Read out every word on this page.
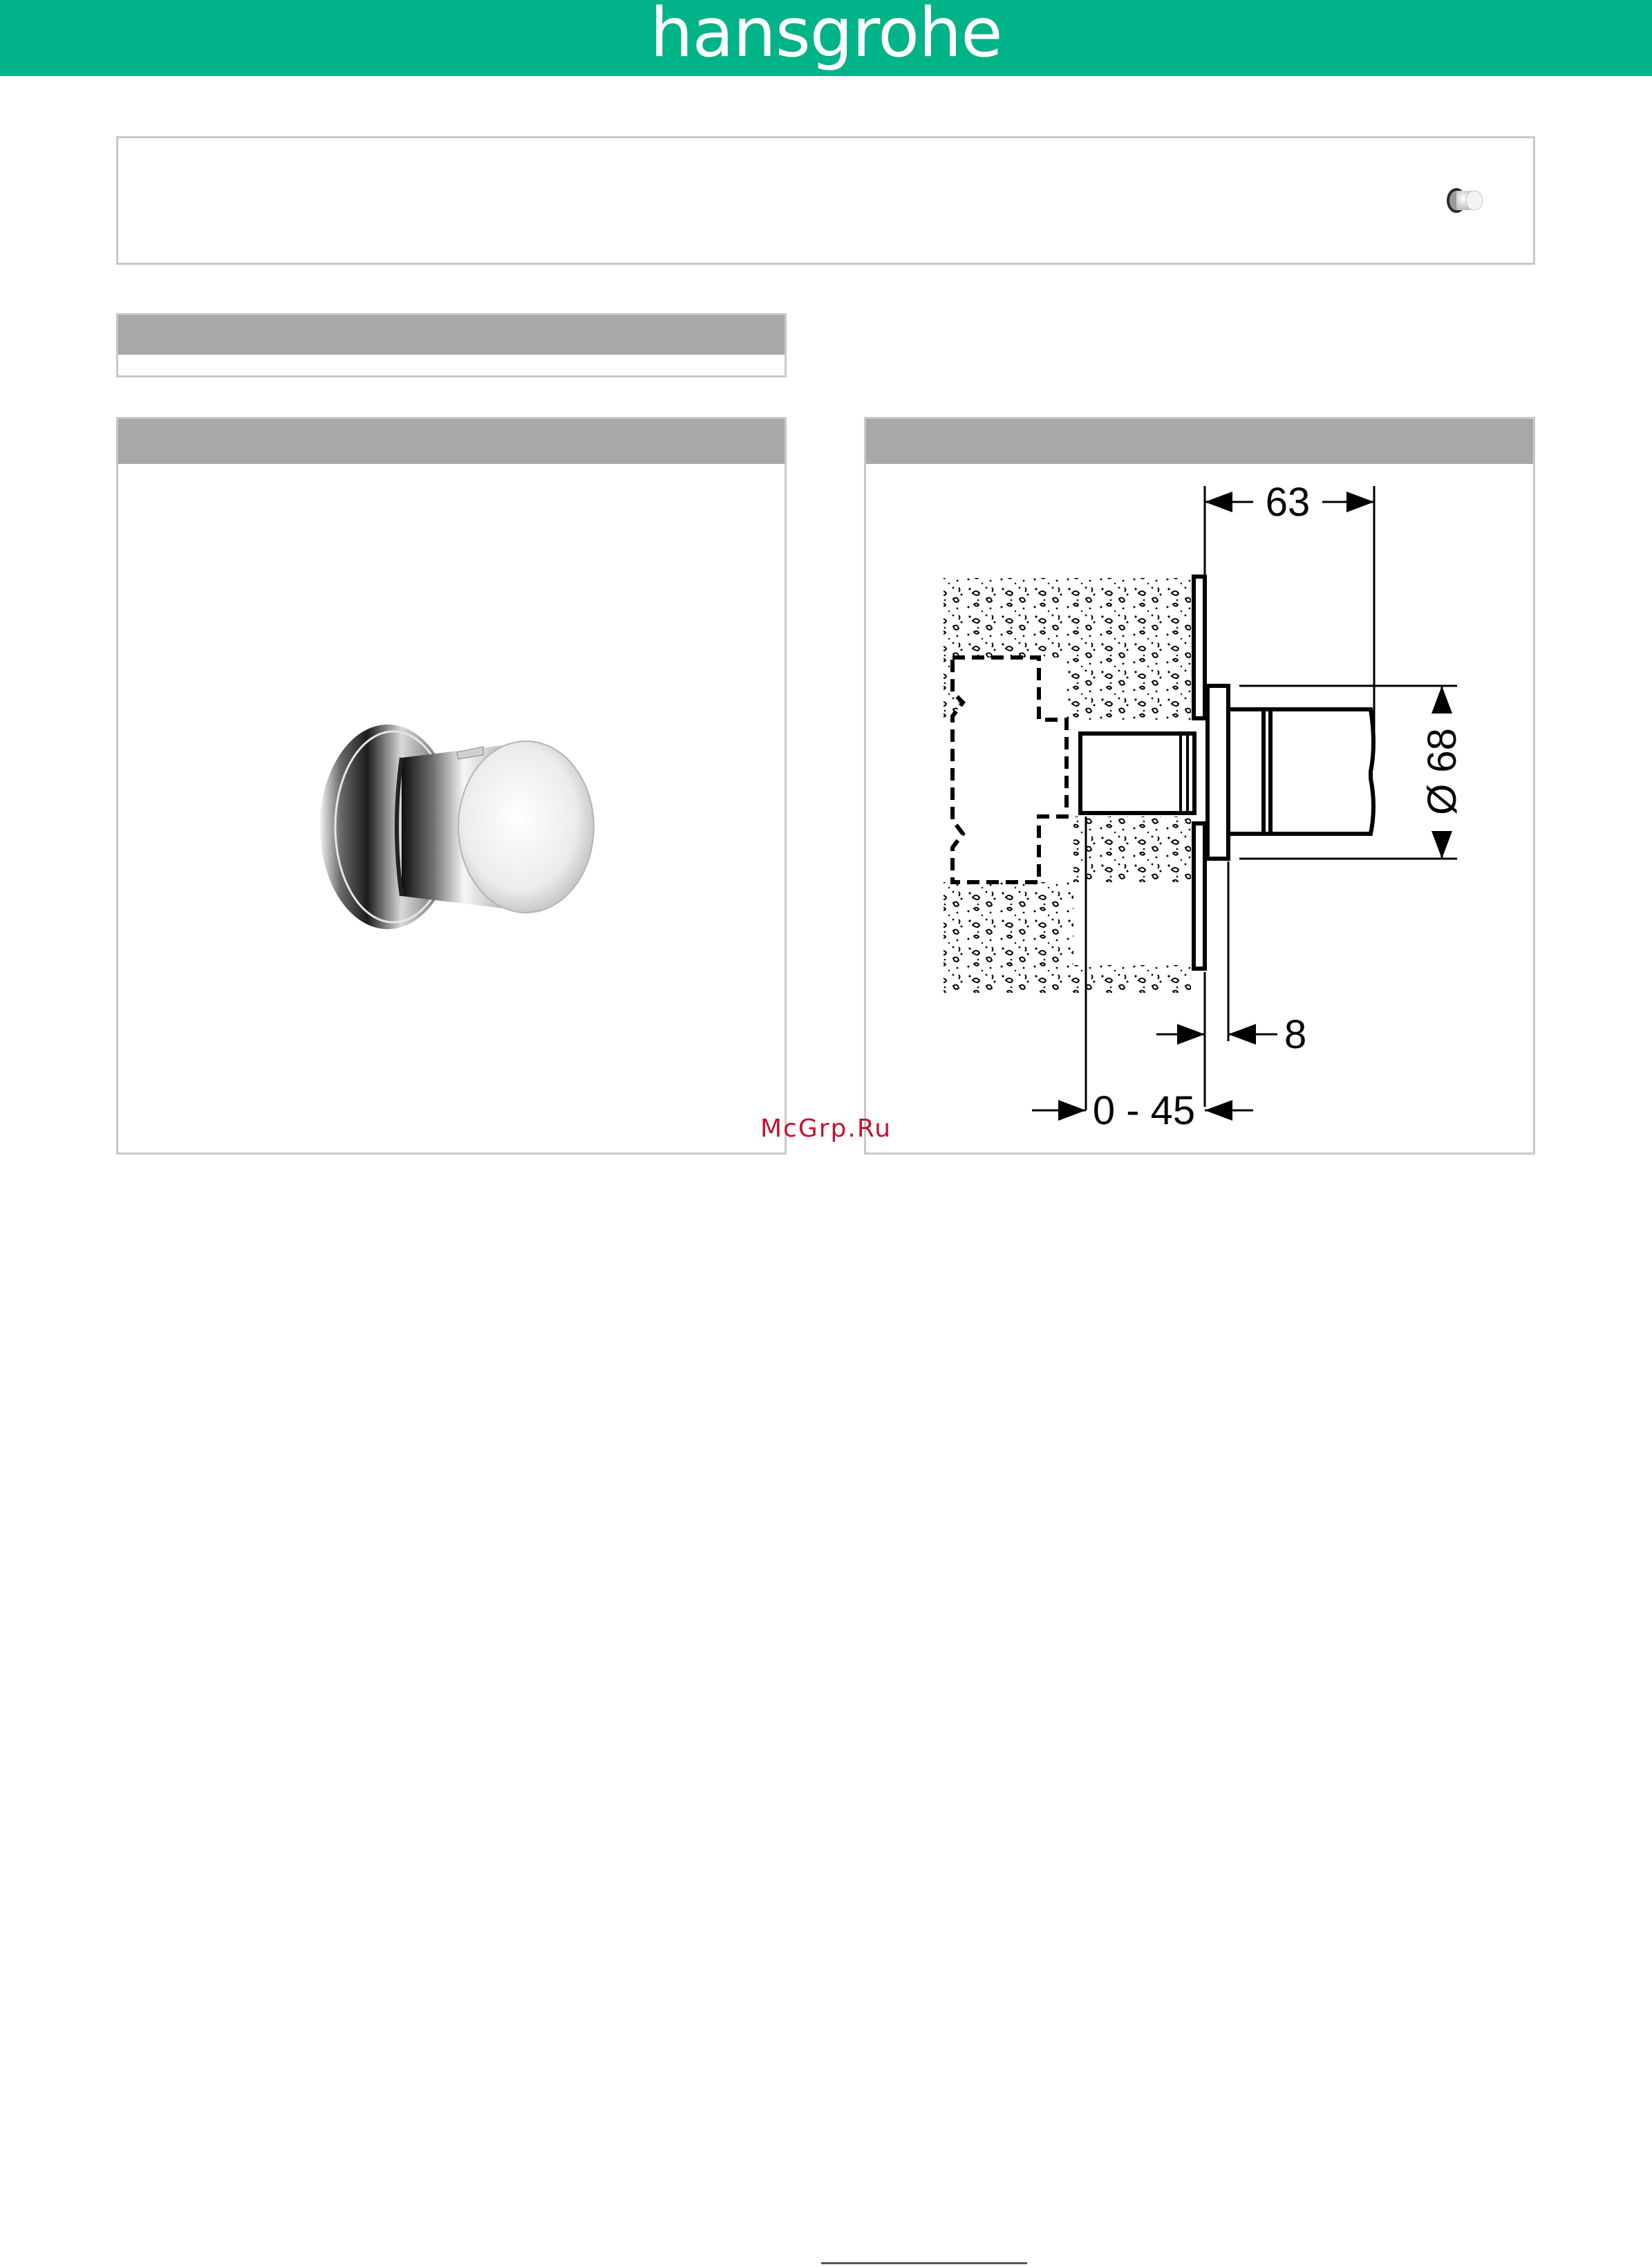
hansgrohe
63
Ø 68
8
0 - 45
McGrp.Ru
